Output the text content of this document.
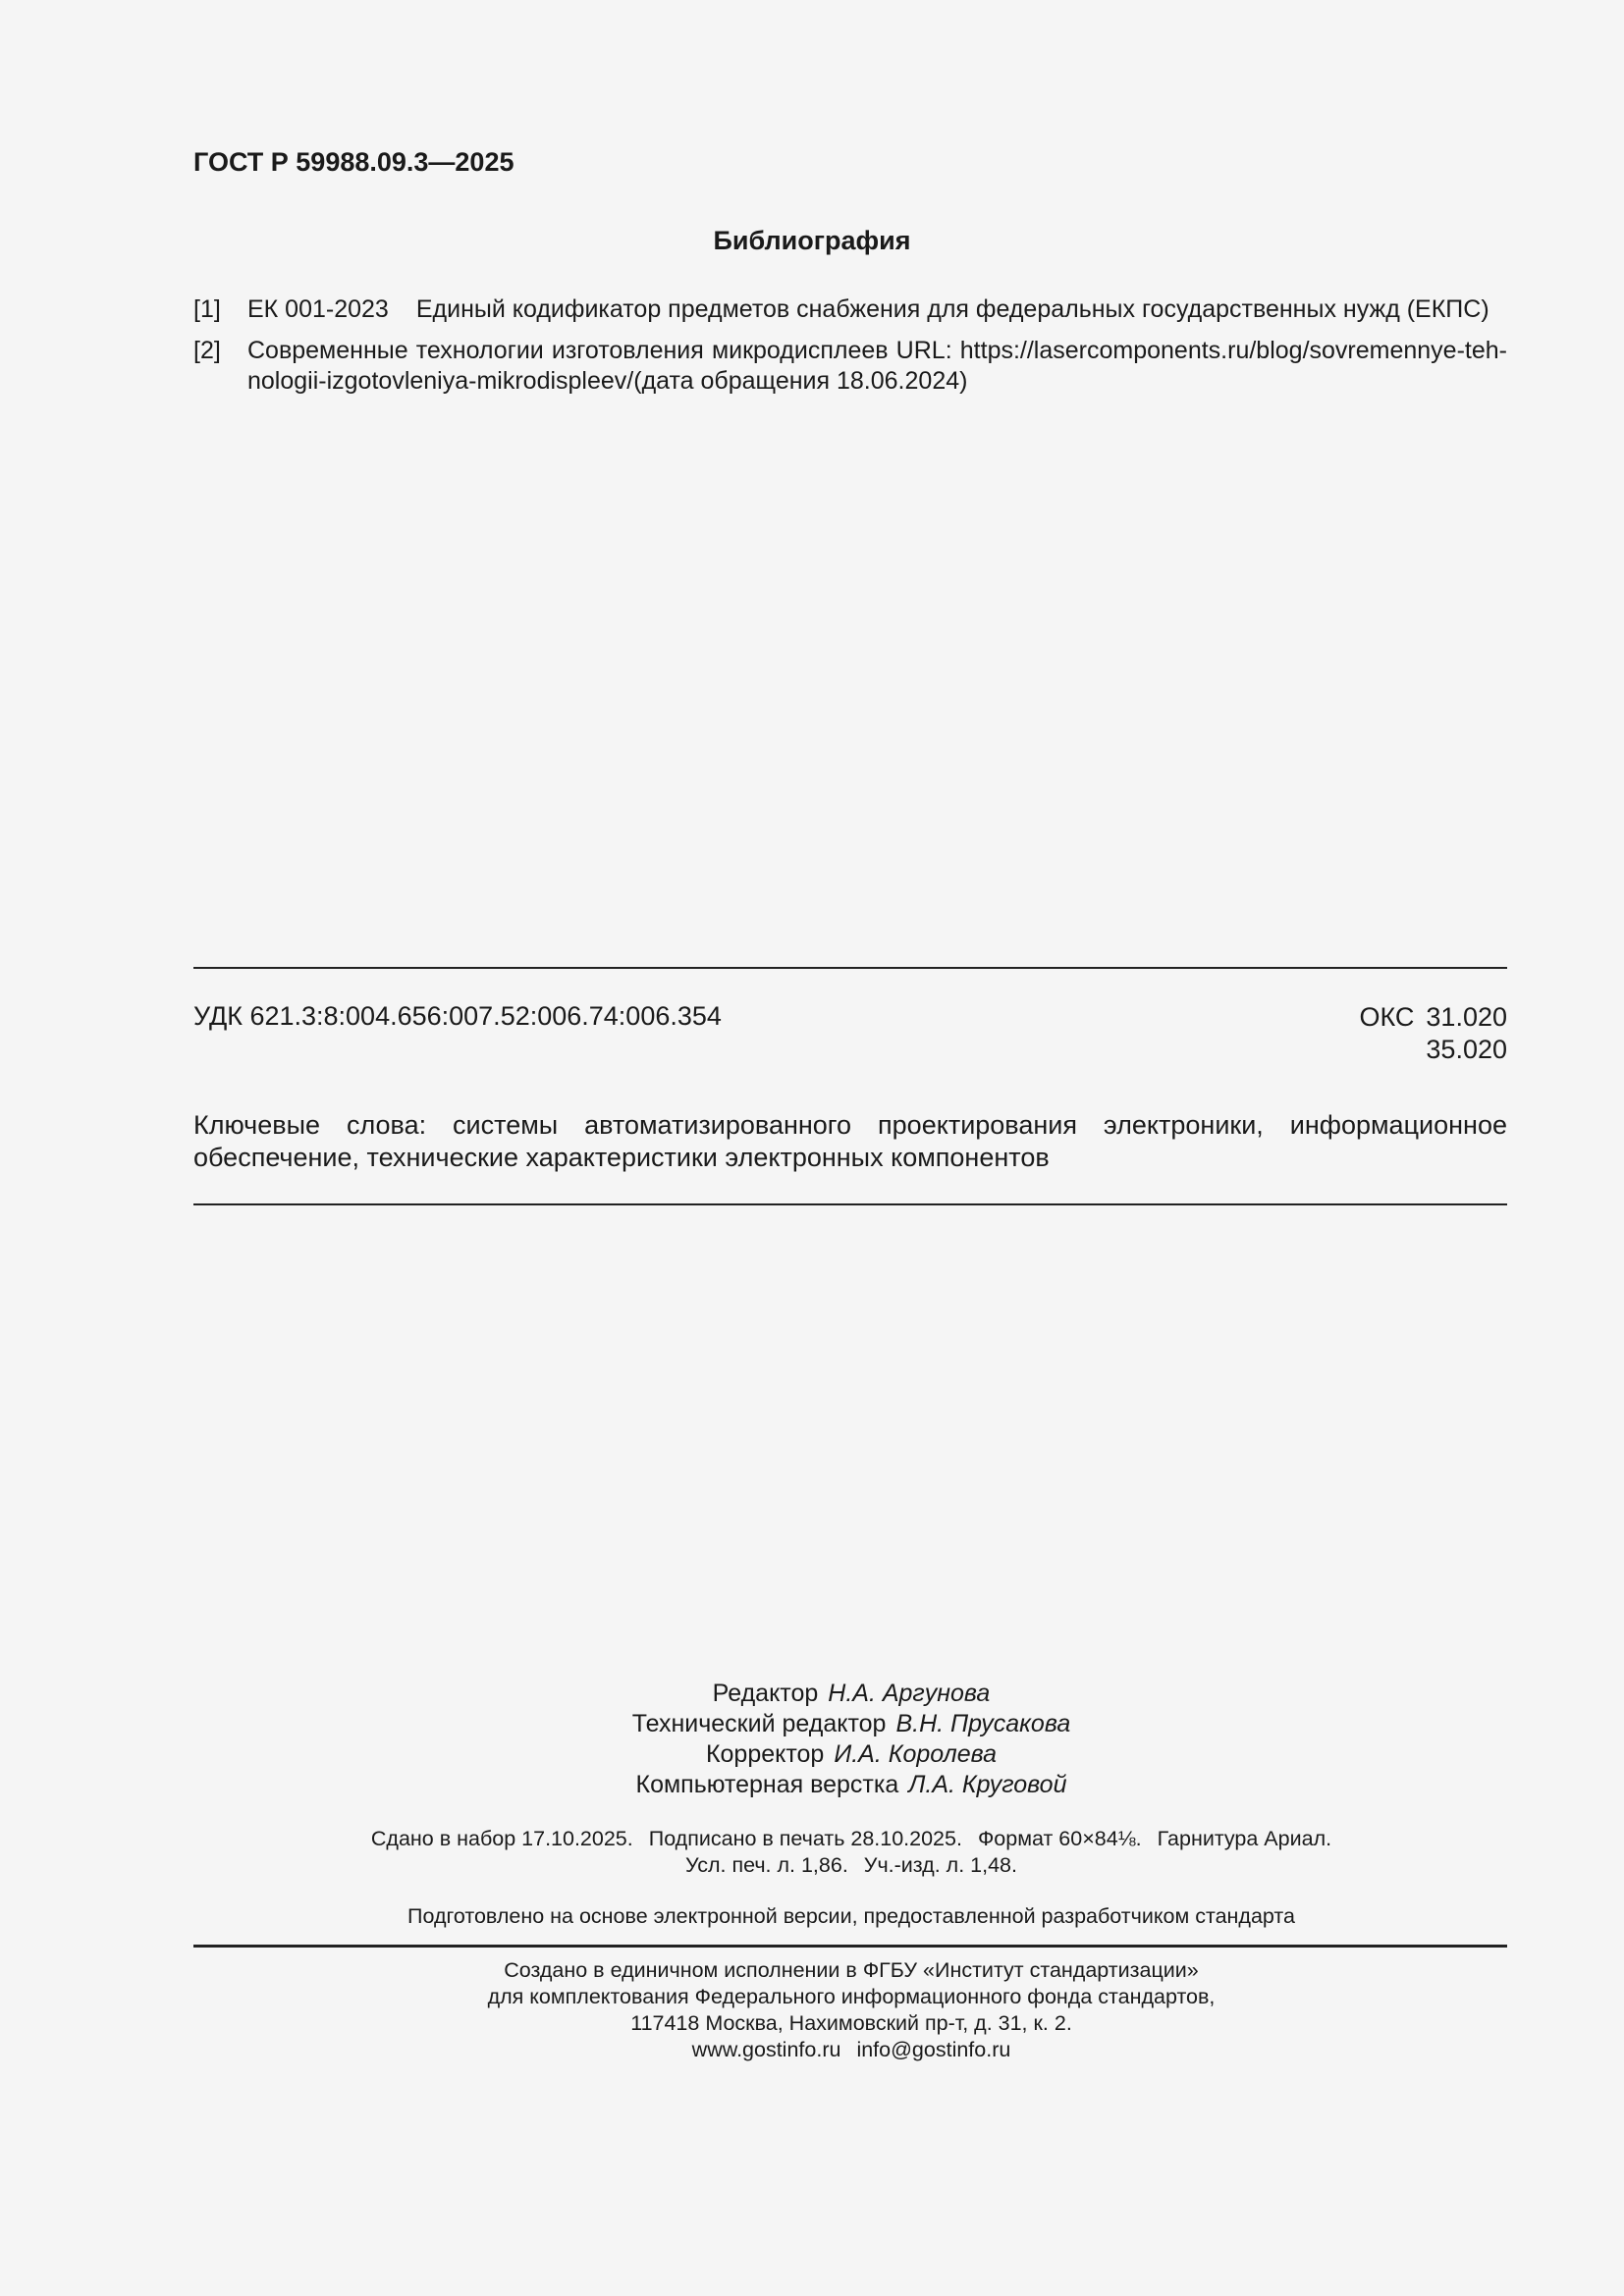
ГОСТ Р 59988.09.3—2025
Библиография
[1] ЕК 001-2023 Единый кодификатор предметов снабжения для федеральных государственных нужд (ЕКПС)
[2] Современные технологии изготовления микродисплеев URL: https://lasercomponents.ru/blog/sovremennye-teh-nologii-izgotovleniya-mikrodispleev/(дата обращения 18.06.2024)
УДК 621.3:8:004.656:007.52:006.74:006.354	ОКС 31.020
35.020
Ключевые слова: системы автоматизированного проектирования электроники, информационное обеспечение, технические характеристики электронных компонентов
Редактор Н.А. Аргунова
Технический редактор В.Н. Прусакова
Корректор И.А. Королева
Компьютерная верстка Л.А. Круговой
Сдано в набор 17.10.2025. Подписано в печать 28.10.2025. Формат 60×84⅛. Гарнитура Ариал.
Усл. печ. л. 1,86. Уч.-изд. л. 1,48.
Подготовлено на основе электронной версии, предоставленной разработчиком стандарта
Создано в единичном исполнении в ФГБУ «Институт стандартизации»
для комплектования Федерального информационного фонда стандартов,
117418 Москва, Нахимовский пр-т, д. 31, к. 2.
www.gostinfo.ru info@gostinfo.ru
